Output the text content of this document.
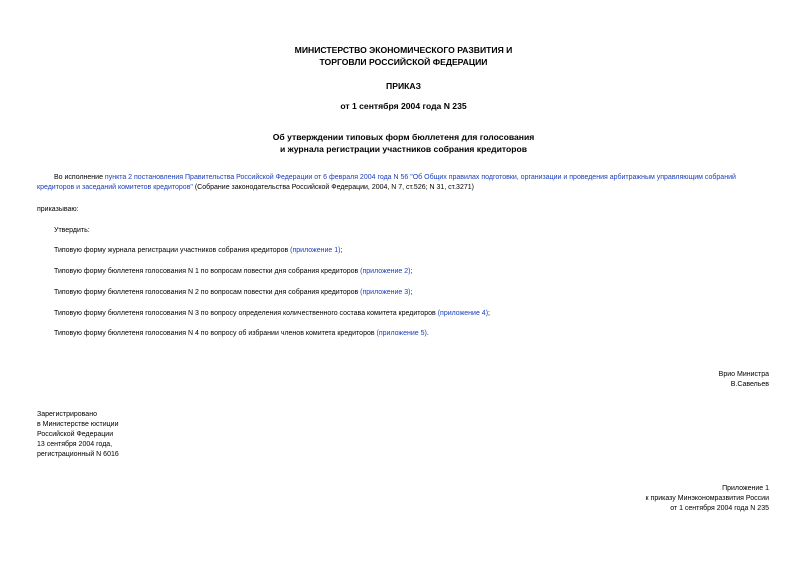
МИНИСТЕРСТВО ЭКОНОМИЧЕСКОГО РАЗВИТИЯ И
ТОРГОВЛИ РОССИЙСКОЙ ФЕДЕРАЦИИ
ПРИКАЗ
от 1 сентября 2004 года N 235
Об утверждении типовых форм бюллетеня для голосования
и журнала регистрации участников собрания кредиторов
Во исполнение пункта 2 постановления Правительства Российской Федерации от 6 февраля 2004 года N 56 "Об Общих правилах подготовки, организации и проведения арбитражным управляющим собраний
кредиторов и заседаний комитетов кредиторов" (Собрание законодательства Российской Федерации, 2004, N 7, ст.526; N 31, ст.3271)
приказываю:
Утвердить:
Типовую форму журнала регистрации участников собрания кредиторов (приложение 1);
Типовую форму бюллетеня голосования N 1 по вопросам повестки дня собрания кредиторов (приложение 2);
Типовую форму бюллетеня голосования N 2 по вопросам повестки дня собрания кредиторов (приложение 3);
Типовую форму бюллетеня голосования N 3 по вопросу определения количественного состава комитета кредиторов (приложение 4);
Типовую форму бюллетеня голосования N 4 по вопросу об избрании членов комитета кредиторов (приложение 5).
Врио Министра
В.Савельев
Зарегистрировано
в Министерстве юстиции
Российской Федерации
13 сентября 2004 года,
регистрационный N 6016
Приложение 1
к приказу Минэкономразвития России
от 1 сентября 2004 года N 235
